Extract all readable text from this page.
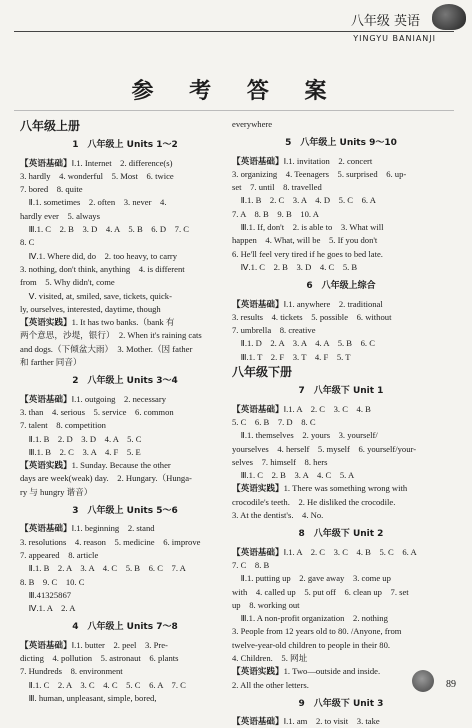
八年级 英语
YINGYU BANIANJI
参 考 答 案
八年级上册
1　八年级上 Units 1～2
【英语基础】Ⅰ.1. Internet　2. difference(s)
3. hardly　4. wonderful　5. Most　6. twice
7. bored　8. quite
　Ⅱ.1. sometimes　2. often　3. never　4.
hardly ever　5. always
　Ⅲ.1. C　2. B　3. D　4. A　5. B　6. D　7. C
8. C
　Ⅳ.1. Where did, do　2. too heavy, to carry
3. nothing, don't think, anything　4. is different
from　5. Why didn't, come
　Ⅴ. visited, at, smiled, save, tickets, quick-
ly, ourselves, interested, daytime, though
【英语实践】1. It has two banks.（bank 有
两个意思，沙堤，银行）　2. When it's raining cats
and dogs.（下倾盆大雨）　3. Mother.（因 father
和 farther 同音）
2　八年级上 Units 3～4
【英语基础】Ⅰ.1. outgoing　2. necessary
3. than　4. serious　5. service　6. common
7. talent　8. competition
　Ⅱ.1. B　2. D　3. D　4. A　5. C
　Ⅲ.1. B　2. C　3. A　4. F　5. E
【英语实践】1. Sunday. Because the other
days are week(weak) day.　2. Hungary.（Hunga-
ry 与 hungry 谐音）
3　八年级上 Units 5～6
【英语基础】Ⅰ.1. beginning　2. stand
3. resolutions　4. reason　5. medicine　6. improve
7. appeared　8. article
　Ⅱ.1. B　2. A　3. A　4. C　5. B　6. C　7. A
8. B　9. C　10. C
　Ⅲ.41325867
　Ⅳ.1. A　2. A
4　八年级上 Units 7～8
【英语基础】Ⅰ.1. butter　2. peel　3. Pre-
dicting　4. pollution　5. astronaut　6. plants
7. Hundreds　8. environment
　Ⅱ.1. C　2. A　3. C　4. C　5. C　6. A　7. C
　Ⅲ. human, unpleasant, simple, bored,
everywhere
5　八年级上 Units 9～10
【英语基础】Ⅰ.1. invitation　2. concert
3. organizing　4. Teenagers　5. surprised　6. up-
set　7. until　8. travelled
　Ⅱ.1. B　2. C　3. A　4. D　5. C　6. A
7. A　8. B　9. B　10. A
　Ⅲ.1. If, don't　2. is able to　3. What will
happen　4. What, will be　5. If you don't
6. He'll feel very tired if he goes to bed late.
　Ⅳ.1. C　2. B　3. D　4. C　5. B
6　八年级上综合
【英语基础】Ⅰ.1. anywhere　2. traditional
3. results　4. tickets　5. possible　6. without
7. umbrella　8. creative
　Ⅱ.1. D　2. A　3. A　4. A　5. B　6. C
　Ⅲ.1. T　2. F　3. T　4. F　5. T
八年级下册
7　八年级下 Unit 1
【英语基础】Ⅰ.1. A　2. C　3. C　4. B
5. C　6. B　7. D　8. C
　Ⅱ.1. themselves　2. yours　3. yourself/
yourselves　4. herself　5. myself　6. yourself/your-
selves　7. himself　8. hers
　Ⅲ.1. C　2. B　3. A　4. C　5. A
【英语实践】1. There was something wrong with
crocodile's teeth.　2. He disliked the crocodile.
3. At the dentist's.　4. No.
8　八年级下 Unit 2
【英语基础】Ⅰ.1. A　2. C　3. C　4. B　5. C　6. A
7. C　8. B
　Ⅱ.1. putting up　2. gave away　3. come up
with　4. called up　5. put off　6. clean up　7. set
up　8. working out
　Ⅲ.1. A non-profit organization　2. nothing
3. People from 12 years old to 80. /Anyone, from
twelve-year-old children to people in their 80.
4. Children.　5. 网址
【英语实践】1. Two—outside and inside.
2. All the other letters.
9　八年级下 Unit 3
【英语基础】Ⅰ.1. am　2. to visit　3. take
89
